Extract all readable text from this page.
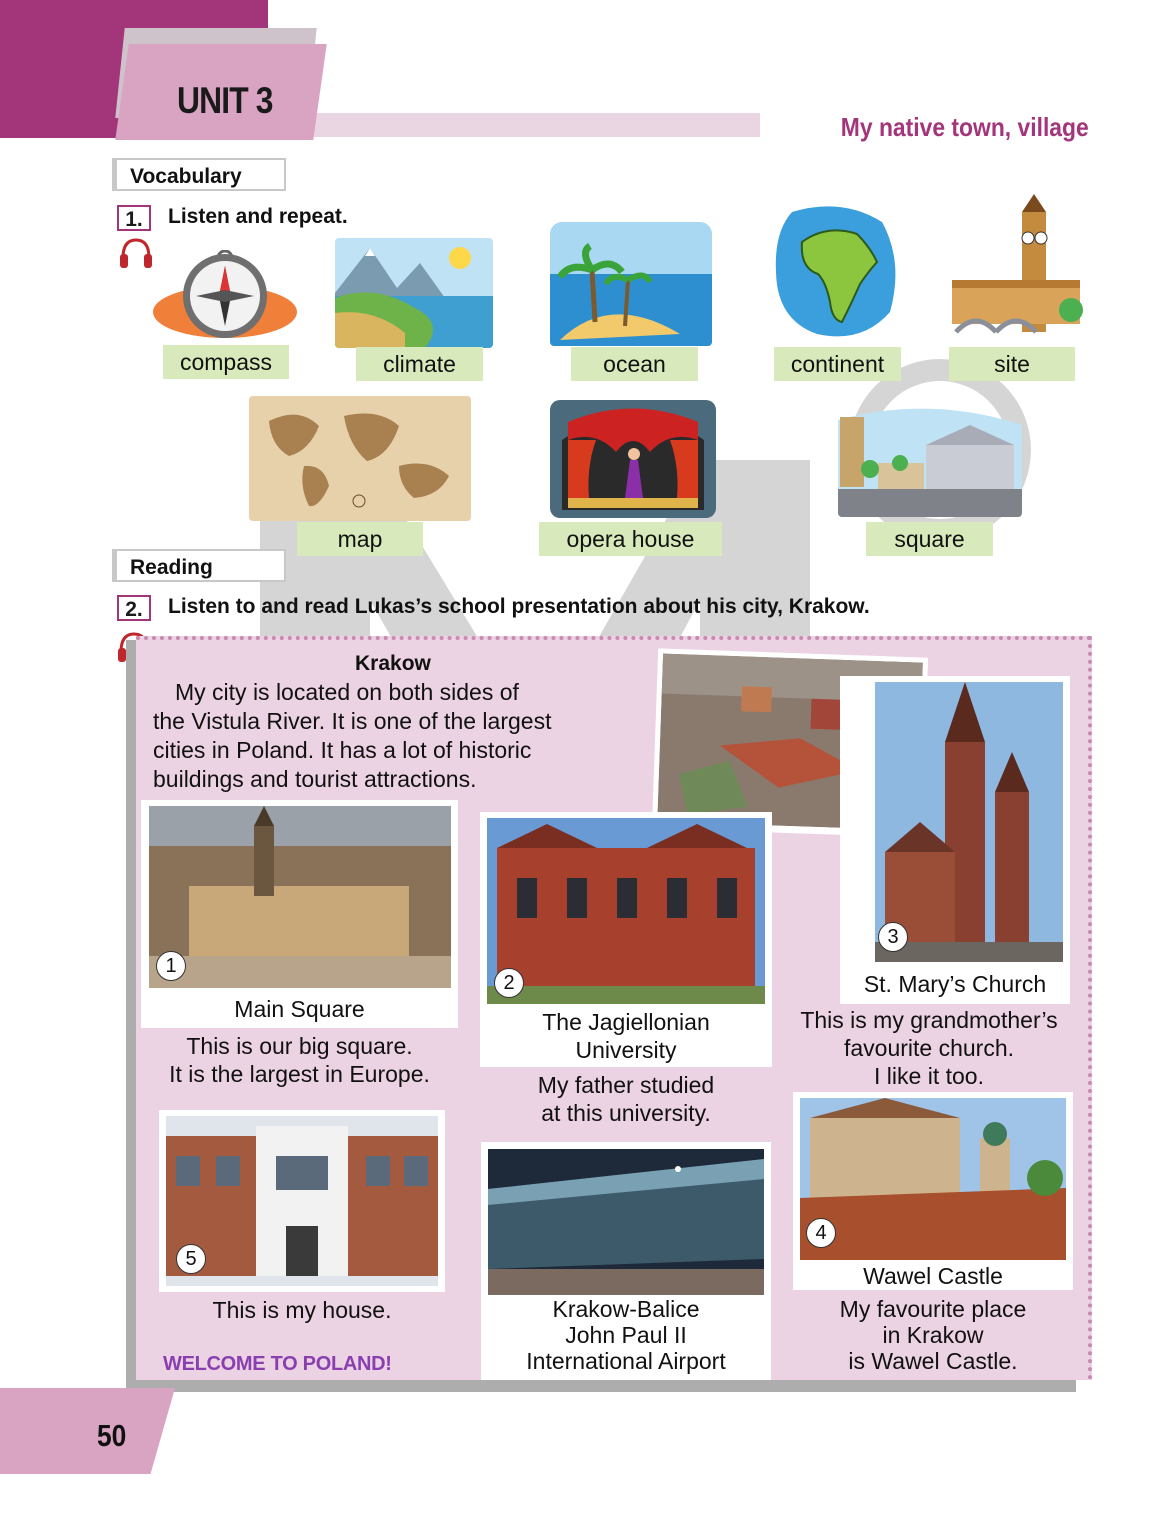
UNIT 3
My native town, village
Vocabulary
1.	Listen and repeat.
compass	climate	ocean	continent	site
map	opera house	square
Reading
2.	Listen to and read Lukas’s school presentation about his city, Krakow.
Krakow
My city is located on both sides of
the Vistula River. It is one of the largest
cities in Poland. It has a lot of historic
buildings and tourist attractions.
1
Main Square
This is our big square.
It is the largest in Europe.
2
The Jagiellonian
University
My father studied
at this university.
3
St. Mary’s Church
This is my grandmother’s
favourite church.
I like it too.
4
Wawel Castle
My favourite place
in Krakow
is Wawel Castle.
5
This is my house.	Krakow-Balice
John Paul II
International Airport
WELCOME TO POLAND!
50
